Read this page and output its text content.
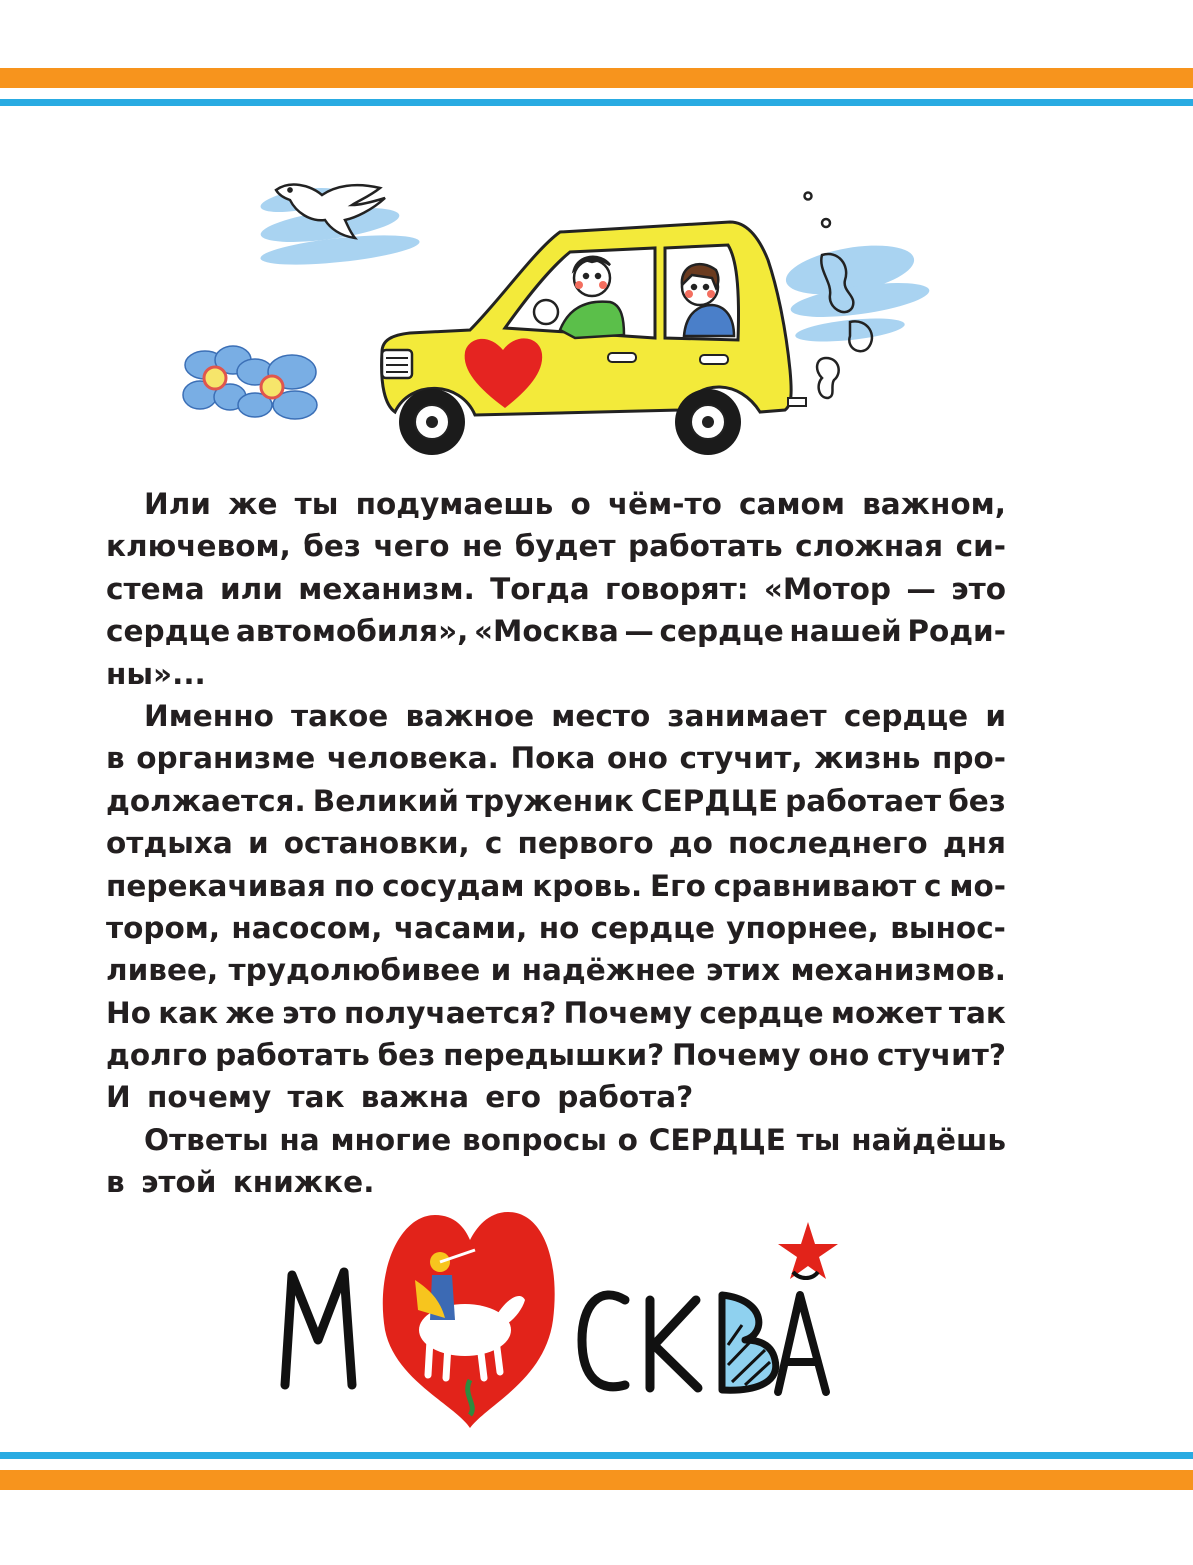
Или же ты подумаешь о чём-то самом важном,
ключевом, без чего не будет работать сложная си-
стема или механизм. Тогда говорят: «Мотор — это
сердце автомобиля», «Москва — сердце нашей Роди-
ны»...
Именно такое важное место занимает сердце и
в организме человека. Пока оно стучит, жизнь про-
должается. Великий труженик СЕРДЦЕ работает без
отдыха и остановки, с первого до последнего дня
перекачивая по сосудам кровь. Его сравнивают с мо-
тором, насосом, часами, но сердце упорнее, вынос-
ливее, трудолюбивее и надёжнее этих механизмов.
Но как же это получается? Почему сердце может так
долго работать без передышки? Почему оно стучит?
И почему так важна его работа?
Ответы на многие вопросы о СЕРДЦЕ ты найдёшь
в этой книжке.
